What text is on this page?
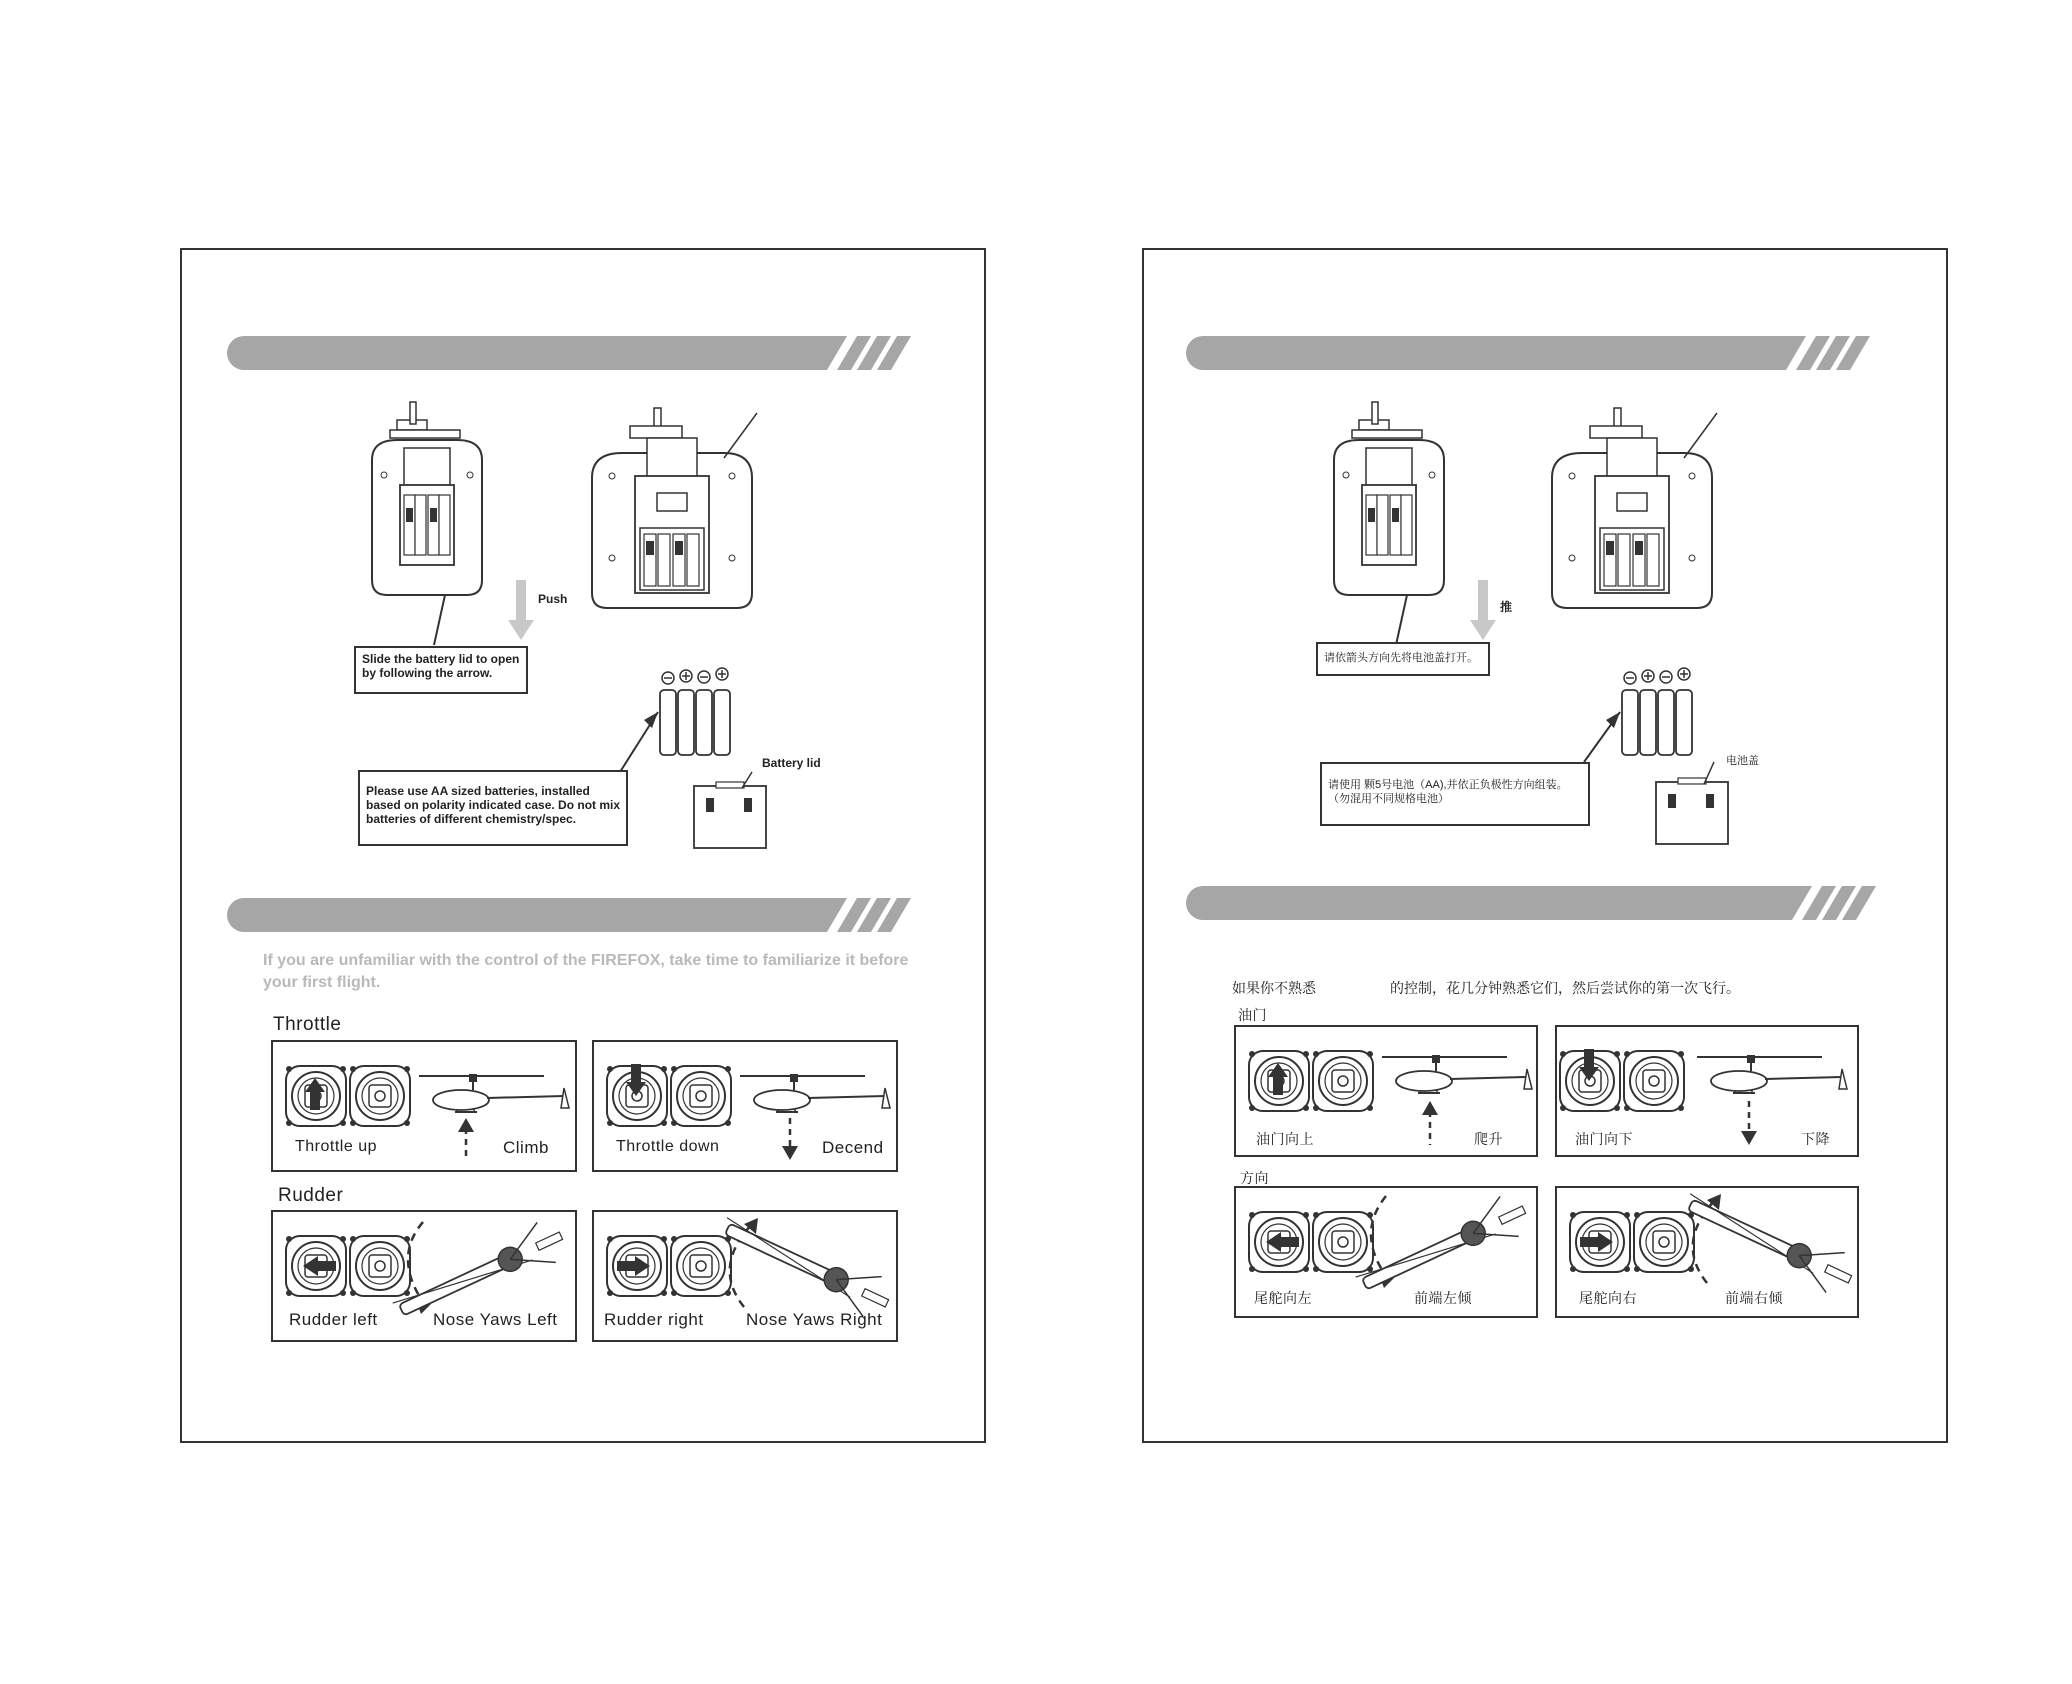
Push
Slide the battery lid to open by following the arrow.
Please use AA sized batteries, installed based on polarity indicated case. Do not mix batteries of different chemistry/spec.
Battery lid
If you are unfamiliar with the control of the FIREFOX, take time to familiarize it before your first flight.
Throttle
Throttle up	Climb	Throttle down	Decend
Rudder
Rudder left	Nose Yaws Left	Rudder right Nose Yaws Right
推
请依箭头方向先将电池盖打开。
请使用 颗5号电池（AA),并依正负极性方向组装。
（勿混用不同规格电池）
电池盖
如果你不熟悉	的控制，花几分钟熟悉它们，然后尝试你的第一次飞行。
油门
油门向上	爬升	油门向下	下降
方向
尾舵向左	前端左倾	尾舵向右	前端右倾
